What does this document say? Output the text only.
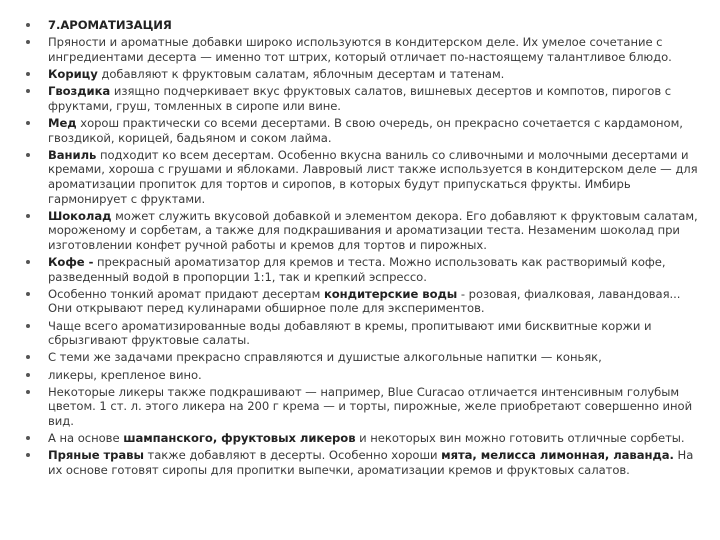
7.АРОМАТИЗАЦИЯ
Пряности и ароматные добавки широко используются в кондитерском деле. Их умелое сочетание с ингредиентами десерта — именно тот штрих, который отличает по-настоящему талантливое блюдо.
Корицу добавляют к фруктовым салатам, яблочным десертам и татенам.
Гвоздика изящно подчеркивает вкус фруктовых салатов, вишневых десертов и компотов, пирогов с фруктами, груш, томленных в сиропе или вине.
Мед хорош практически со всеми десертами. В свою очередь, он прекрасно сочетается с кардамоном, гвоздикой, корицей, бадьяном и соком лайма.
Ваниль подходит ко всем десертам. Особенно вкусна ваниль со сливочными и молочными десертами и кремами, хороша с грушами и яблоками. Лавровый лист также используется в кондитерском деле — для ароматизации пропиток для тортов и сиропов, в которых будут припускаться фрукты. Имбирь гармонирует с фруктами.
Шоколад может служить вкусовой добавкой и элементом декора. Его добавляют к фруктовым салатам, мороженому и сорбетам, а также для подкрашивания и ароматизации теста. Незаменим шоколад при изготовлении конфет ручной работы и кремов для тортов и пирожных.
Кофе - прекрасный ароматизатор для кремов и теста. Можно использовать как растворимый кофе, разведенный водой в пропорции 1:1, так и крепкий эспрессо.
Особенно тонкий аромат придают десертам кондитерские воды - розовая, фиалковая, лавандовая... Они открывают перед кулинарами обширное поле для экспериментов.
Чаще всего ароматизированные воды добавляют в кремы, пропитывают ими бисквитные коржи и сбрызгивают фруктовые салаты.
С теми же задачами прекрасно справляются и душистые алкогольные напитки — коньяк,
ликеры, крепленое вино.
Некоторые ликеры также подкрашивают — например, Blue Curacao отличается интенсивным голубым цветом. 1 ст. л. этого ликера на 200 г крема — и торты, пирожные, желе приобретают совершенно иной вид.
А на основе шампанского, фруктовых ликеров и некоторых вин можно готовить отличные сорбеты.
Пряные травы также добавляют в десерты. Особенно хороши мята, мелисса лимонная, лаванда. На их основе готовят сиропы для пропитки выпечки, ароматизации кремов и фруктовых салатов.
